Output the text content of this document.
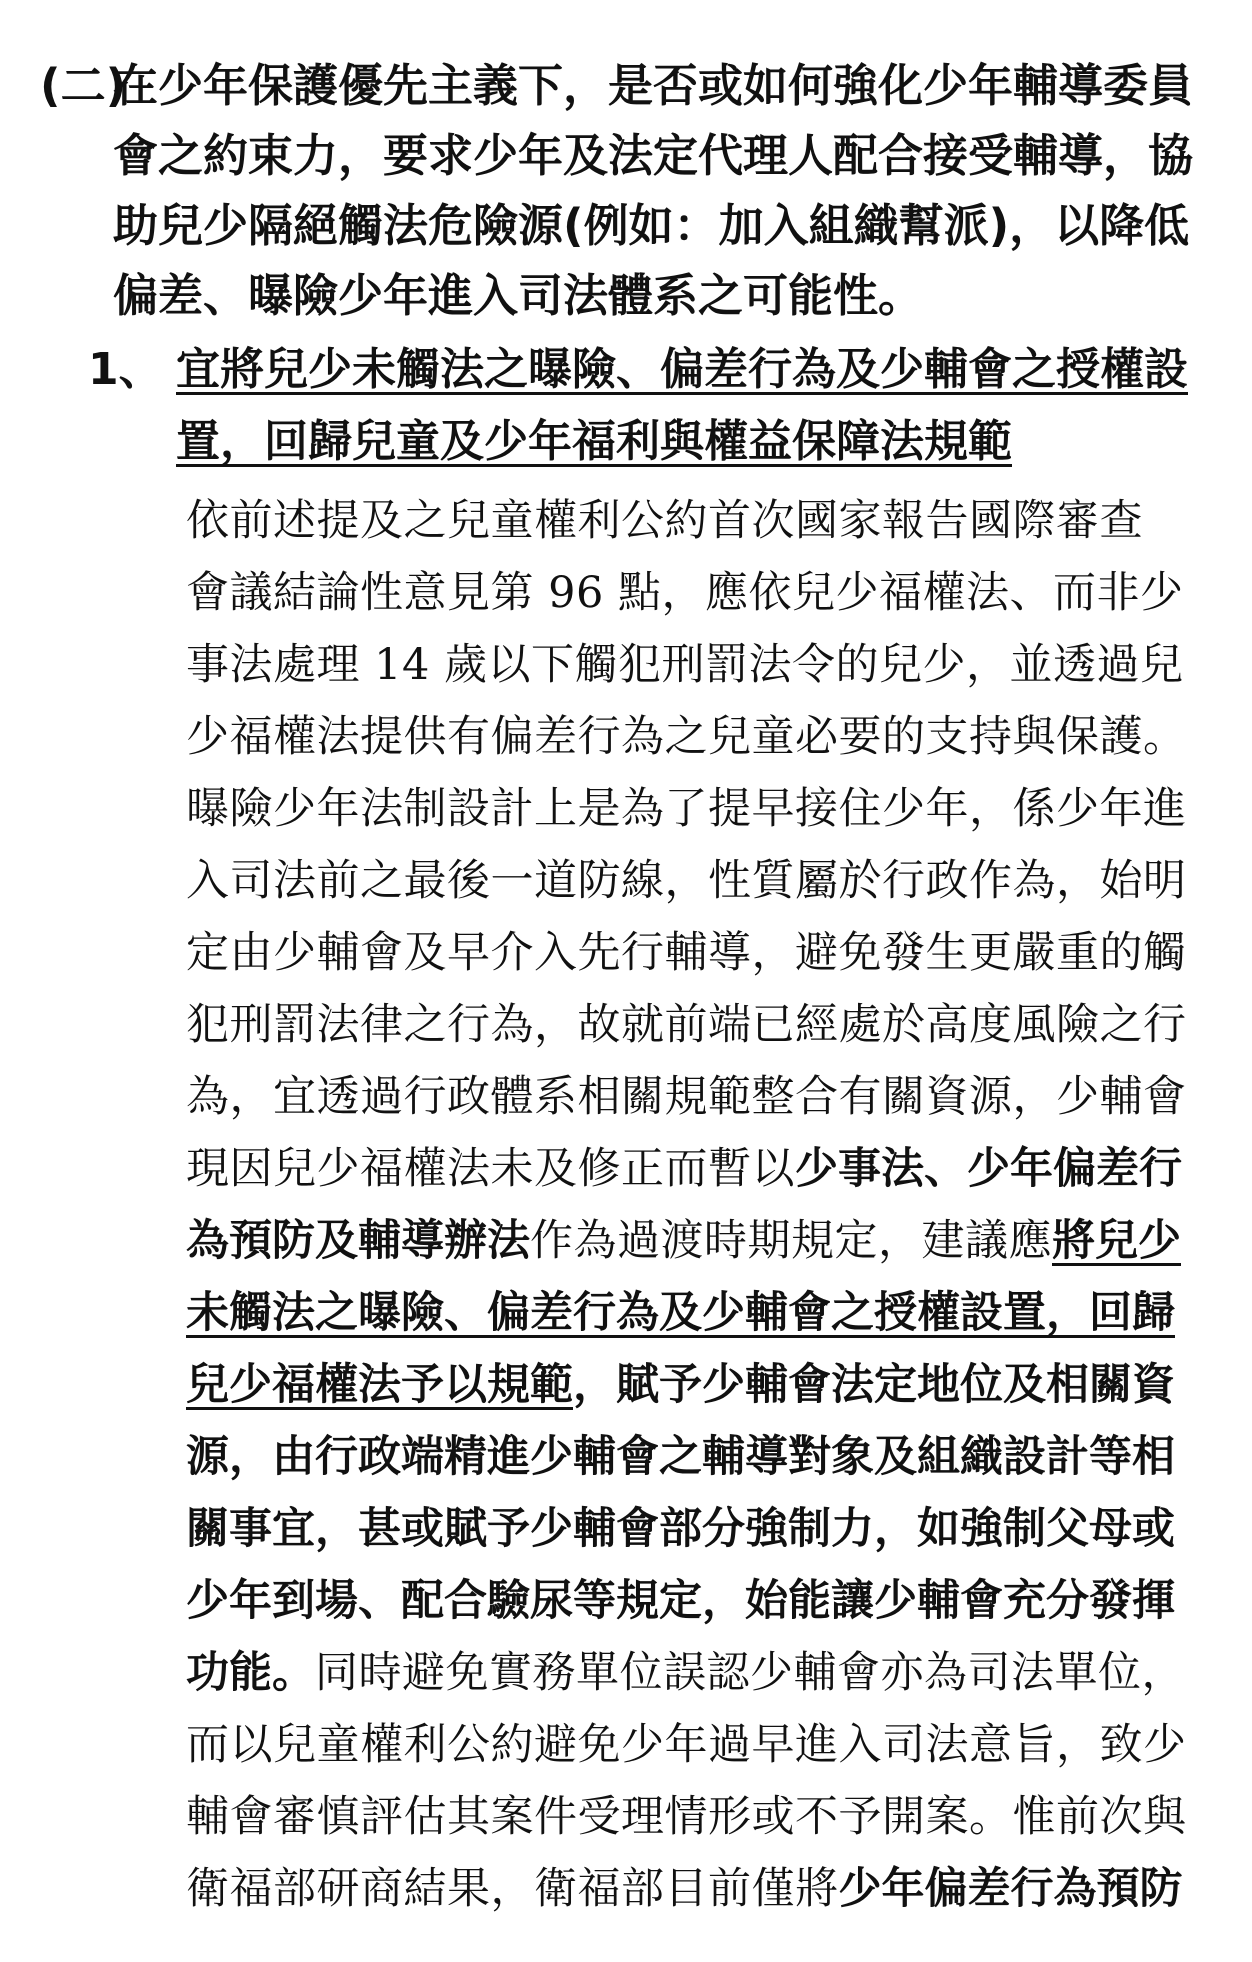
(二)
在少年保護優先主義下，是否或如何強化少年輔導委員
會之約束力，要求少年及法定代理人配合接受輔導，協
助兒少隔絕觸法危險源(例如：加入組織幫派)，以降低
偏差、曝險少年進入司法體系之可能性。
1、 宜將兒少未觸法之曝險、偏差行為及少輔會之授權設
置，回歸兒童及少年福利與權益保障法規範
依前述提及之兒童權利公約首次國家報告國際審查
會議結論性意見第 96 點，應依兒少福權法、而非少
事法處理 14 歲以下觸犯刑罰法令的兒少，並透過兒
少福權法提供有偏差行為之兒童必要的支持與保護。
曝險少年法制設計上是為了提早接住少年，係少年進
入司法前之最後一道防線，性質屬於行政作為，始明
定由少輔會及早介入先行輔導，避免發生更嚴重的觸
犯刑罰法律之行為，故就前端已經處於高度風險之行
為，宜透過行政體系相關規範整合有關資源，少輔會
現因兒少福權法未及修正而暫以少事法、少年偏差行
為預防及輔導辦法作為過渡時期規定，建議應將兒少
未觸法之曝險、偏差行為及少輔會之授權設置，回歸
兒少福權法予以規範，賦予少輔會法定地位及相關資
源，由行政端精進少輔會之輔導對象及組織設計等相
關事宜，甚或賦予少輔會部分強制力，如強制父母或
少年到場、配合驗尿等規定，始能讓少輔會充分發揮
功能。同時避免實務單位誤認少輔會亦為司法單位，
而以兒童權利公約避免少年過早進入司法意旨，致少
輔會審慎評估其案件受理情形或不予開案。惟前次與
衛福部研商結果，衛福部目前僅將少年偏差行為預防
